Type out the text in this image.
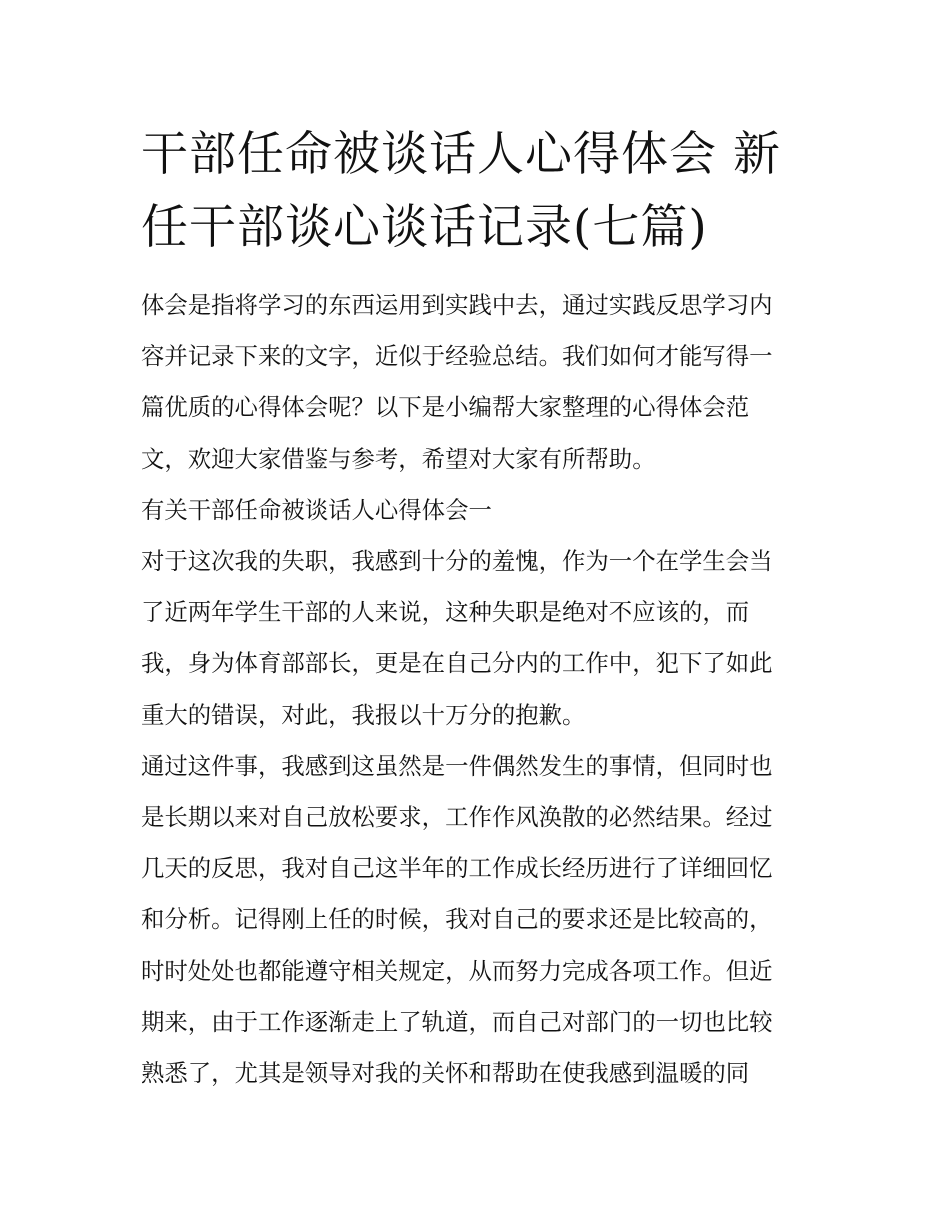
干部任命被谈话人心得体会 新
任干部谈心谈话记录(七篇)
体会是指将学习的东西运用到实践中去，通过实践反思学习内
容并记录下来的文字，近似于经验总结。我们如何才能写得一
篇优质的心得体会呢？以下是小编帮大家整理的心得体会范
文，欢迎大家借鉴与参考，希望对大家有所帮助。
有关干部任命被谈话人心得体会一
对于这次我的失职，我感到十分的羞愧，作为一个在学生会当
了近两年学生干部的人来说，这种失职是绝对不应该的，而
我，身为体育部部长，更是在自己分内的工作中，犯下了如此
重大的错误，对此，我报以十万分的抱歉。
通过这件事，我感到这虽然是一件偶然发生的事情，但同时也
是长期以来对自己放松要求，工作作风涣散的必然结果。经过
几天的反思，我对自己这半年的工作成长经历进行了详细回忆
和分析。记得刚上任的时候，我对自己的要求还是比较高的，
时时处处也都能遵守相关规定，从而努力完成各项工作。但近
期来，由于工作逐渐走上了轨道，而自己对部门的一切也比较
熟悉了，尤其是领导对我的关怀和帮助在使我感到温暖的同
